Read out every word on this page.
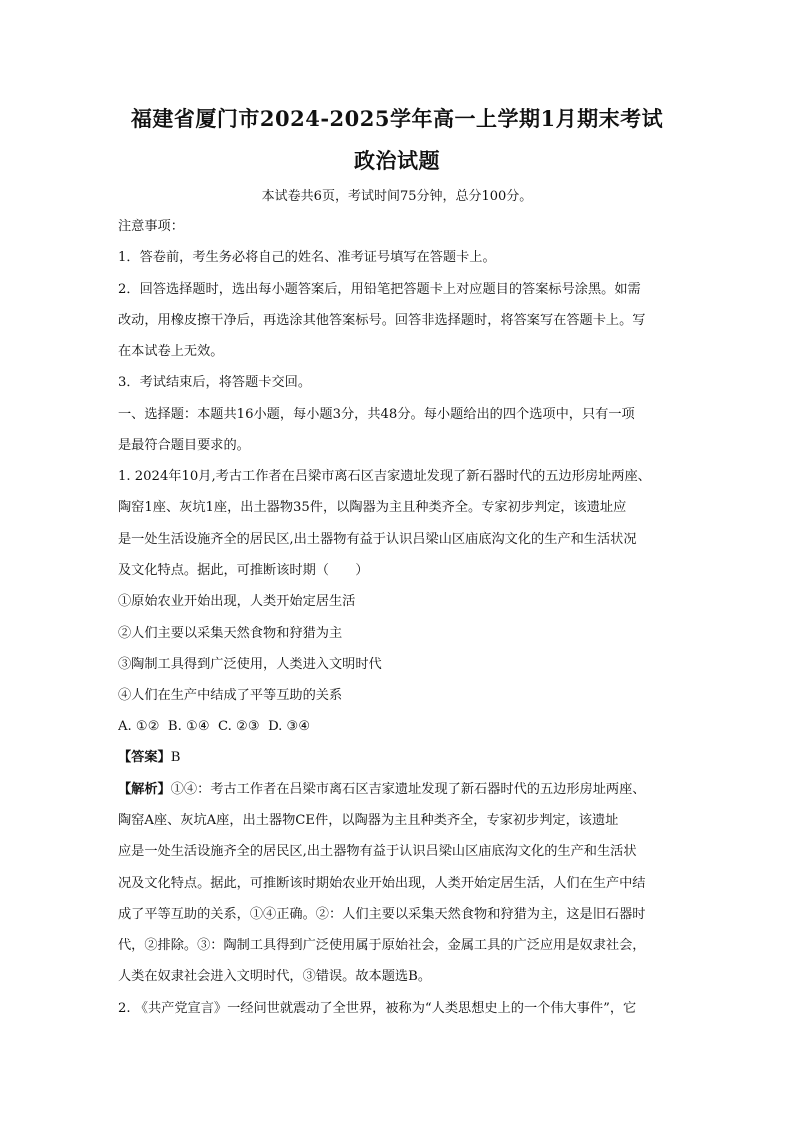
福建省厦门市2024-2025学年高一上学期1月期末考试
政治试题
本试卷共6页，考试时间75分钟，总分100分。
注意事项：
1．答卷前，考生务必将自己的姓名、准考证号填写在答题卡上。
2．回答选择题时，选出每小题答案后，用铅笔把答题卡上对应题目的答案标号涂黑。如需
改动，用橡皮擦干净后，再选涂其他答案标号。回答非选择题时，将答案写在答题卡上。写
在本试卷上无效。
3．考试结束后，将答题卡交回。
一、选择题：本题共16小题，每小题3分，共48分。每小题给出的四个选项中，只有一项
是最符合题目要求的。
1. 2024年10月,考古工作者在吕梁市离石区吉家遗址发现了新石器时代的五边形房址两座、
陶窑1座、灰坑1座，出土器物35件，以陶器为主且种类齐全。专家初步判定，该遗址应
是一处生活设施齐全的居民区,出土器物有益于认识吕梁山区庙底沟文化的生产和生活状况
及文化特点。据此，可推断该时期（　　）
①原始农业开始出现，人类开始定居生活
②人们主要以采集天然食物和狩猎为主
③陶制工具得到广泛使用，人类进入文明时代
④人们在生产中结成了平等互助的关系
A. ①②  B. ①④  C. ②③  D. ③④
【答案】B
【解析】①④：考古工作者在吕梁市离石区吉家遗址发现了新石器时代的五边形房址两座、
陶窑A座、灰坑A座，出土器物CE件，以陶器为主且种类齐全，专家初步判定，该遗址
应是一处生活设施齐全的居民区,出土器物有益于认识吕梁山区庙底沟文化的生产和生活状
况及文化特点。据此，可推断该时期始农业开始出现，人类开始定居生活，人们在生产中结
成了平等互助的关系，①④正确。②：人们主要以采集天然食物和狩猎为主，这是旧石器时
代，②排除。③：陶制工具得到广泛使用属于原始社会，金属工具的广泛应用是奴隶社会，
人类在奴隶社会进入文明时代，③错误。故本题选B。
2. 《共产党宣言》一经问世就震动了全世界，被称为“人类思想史上的一个伟大事件”，它
